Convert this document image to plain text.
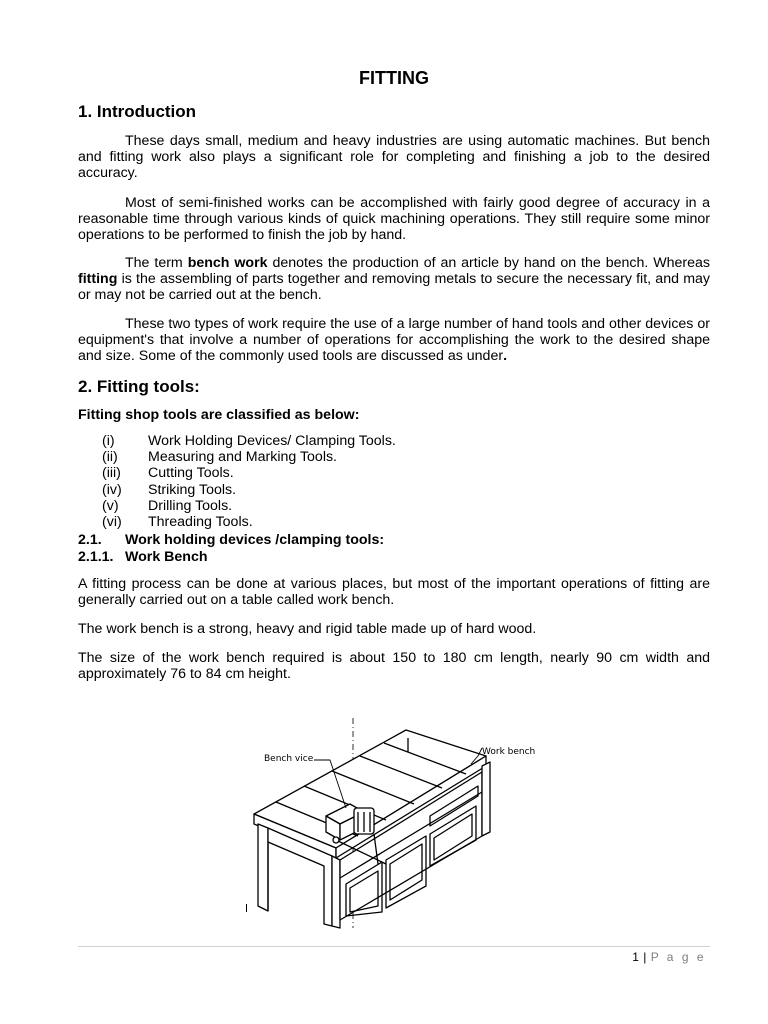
FITTING
1. Introduction
These days small, medium and heavy industries are using automatic machines. But bench and fitting work also plays a significant role for completing and finishing a job to the desired accuracy.
Most of semi-finished works can be accomplished with fairly good degree of accuracy in a reasonable time through various kinds of quick machining operations. They still require some minor operations to be performed to finish the job by hand.
The term bench work denotes the production of an article by hand on the bench. Whereas fitting is the assembling of parts together and removing metals to secure the necessary fit, and may or may not be carried out at the bench.
These two types of work require the use of a large number of hand tools and other devices or equipment's that involve a number of operations for accomplishing the work to the desired shape and size. Some of the commonly used tools are discussed as under.
2. Fitting tools:
Fitting shop tools are classified as below:
(i)	Work Holding Devices/ Clamping Tools.
(ii)	Measuring and Marking Tools.
(iii)	Cutting Tools.
(iv)	Striking Tools.
(v)	Drilling Tools.
(vi)	Threading Tools.
2.1.	Work holding devices /clamping tools:
2.1.1. Work Bench
A fitting process can be done at various places, but most of the important operations of fitting are generally carried out on a table called work bench.
The work bench is a strong, heavy and rigid table made up of hard wood.
The size of the work bench required is about 150 to 180 cm length, nearly 90 cm width and approximately 76 to 84 cm height.
Bench vice
Work bench
1 | P a g e
